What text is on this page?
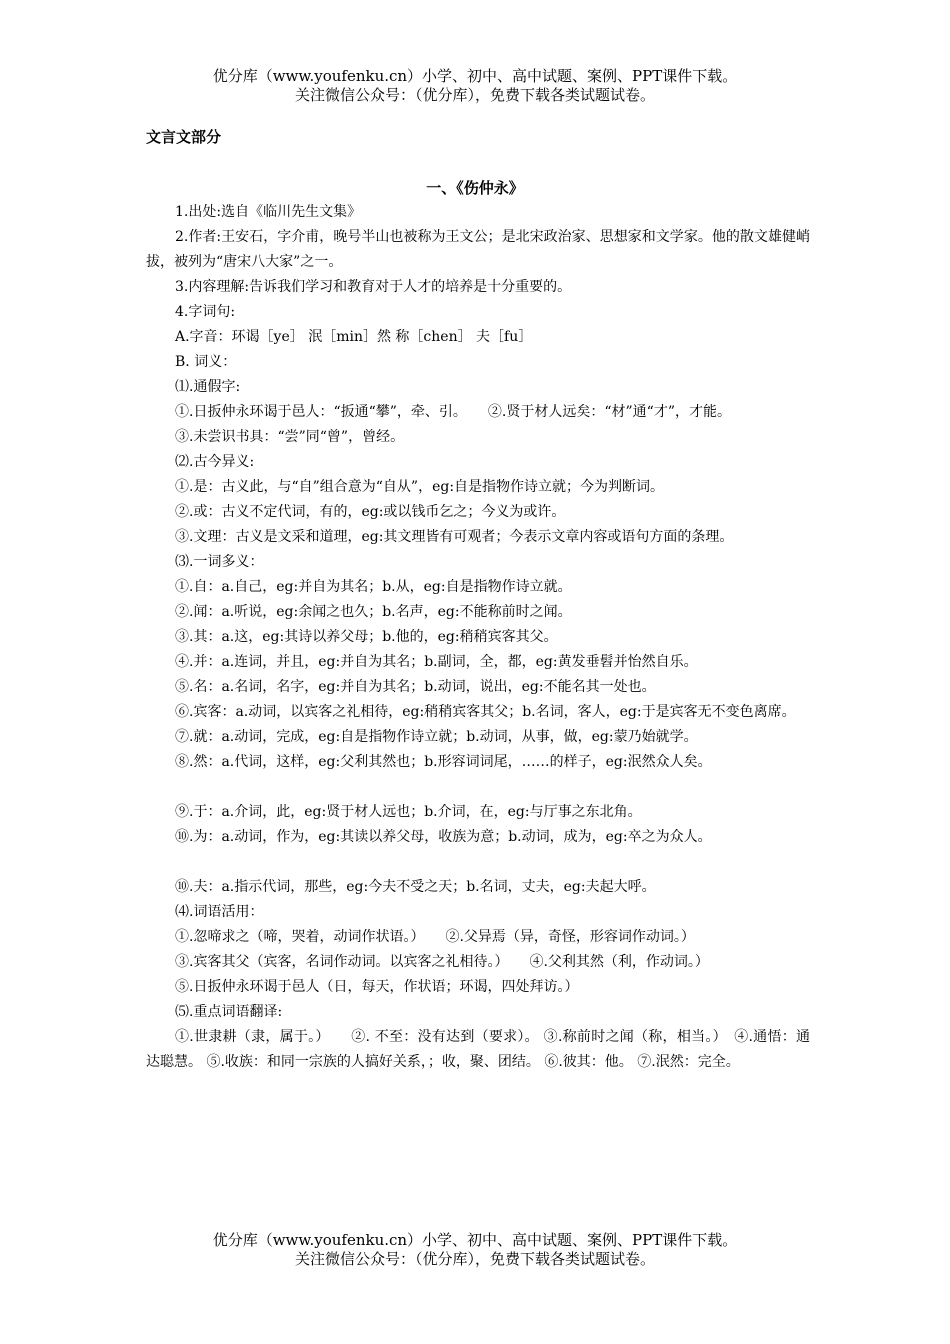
优分库（www.youfenku.cn）小学、初中、高中试题、案例、PPT课件下载。
关注微信公众号：（优分库），免费下载各类试题试卷。
文言文部分
一、《伤仲永》

1.出处:选自《临川先生文集》

2.作者:王安石，字介甫，晚号半山也被称为王文公；是北宋政治家、思想家和文学家。他的散文雄健峭拔，被列为“唐宋八大家”之一。

3.内容理解:告诉我们学习和教育对于人才的培养是十分重要的。

4.字词句:

A.字音：环谒［ye］ 泯［min］然 称［chen］ 夫［fu］

B. 词义：

⑴.通假字:

①.日扳仲永环谒于邑人：“扳通“攀”，牵、引。　　②.贤于材人远矣：“材”通“才”，才能。

③.未尝识书具：“尝”同“曾”，曾经。

⑵.古今异义:

①.是：古义此，与“自”组合意为“自从”，eg:自是指物作诗立就；今为判断词。

②.或：古义不定代词，有的，eg:或以钱币乞之；今义为或许。

③.文理：古义是文采和道理，eg:其文理皆有可观者；今表示文章内容或语句方面的条理。

⑶.一词多义：

①.自：a.自己，eg:并自为其名；b.从，eg:自是指物作诗立就。

②.闻：a.听说，eg:余闻之也久；b.名声，eg:不能称前时之闻。

③.其：a.这，eg:其诗以养父母；b.他的，eg:稍稍宾客其父。

④.并：a.连词，并且，eg:并自为其名；b.副词，全，都，eg:黄发垂髫并怡然自乐。

⑤.名：a.名词，名字，eg:并自为其名；b.动词，说出，eg:不能名其一处也。

⑥.宾客：a.动词，以宾客之礼相待，eg:稍稍宾客其父；b.名词，客人，eg:于是宾客无不变色离席。

⑦.就：a.动词，完成，eg:自是指物作诗立就；b.动词，从事，做，eg:蒙乃始就学。

⑧.然：a.代词，这样，eg:父利其然也；b.形容词词尾，……的样子，eg:泯然众人矣。

⑨.于：a.介词，此，eg:贤于材人远也；b.介词，在，eg:与厅事之东北角。

⑩.为：a.动词，作为，eg:其读以养父母，收族为意；b.动词，成为，eg:卒之为众人。

⑩.夫：a.指示代词，那些，eg:今夫不受之天；b.名词，丈夫，eg:夫起大呼。

⑷.词语活用：

①.忽啼求之（啼，哭着，动词作状语。）　　②.父异焉（异，奇怪，形容词作动词。）

③.宾客其父（宾客，名词作动词。以宾客之礼相待。）　　④.父利其然（利，作动词。）

⑤.日扳仲永环谒于邑人（日，每天，作状语；环谒，四处拜访。）

⑸.重点词语翻译:

①.世隶耕（隶，属于。）　　②. 不至：没有达到（要求）。 ③.称前时之闻（称，相当。）　④.通悟：通达聪慧。 ⑤.收族：和同一宗族的人搞好关系，；收，聚、团结。 ⑥.彼其：他。 ⑦.泯然：完全。

优分库（www.youfenku.cn）小学、初中、高中试题、案例、PPT课件下载。
关注微信公众号：（优分库），免费下载各类试题试卷。
